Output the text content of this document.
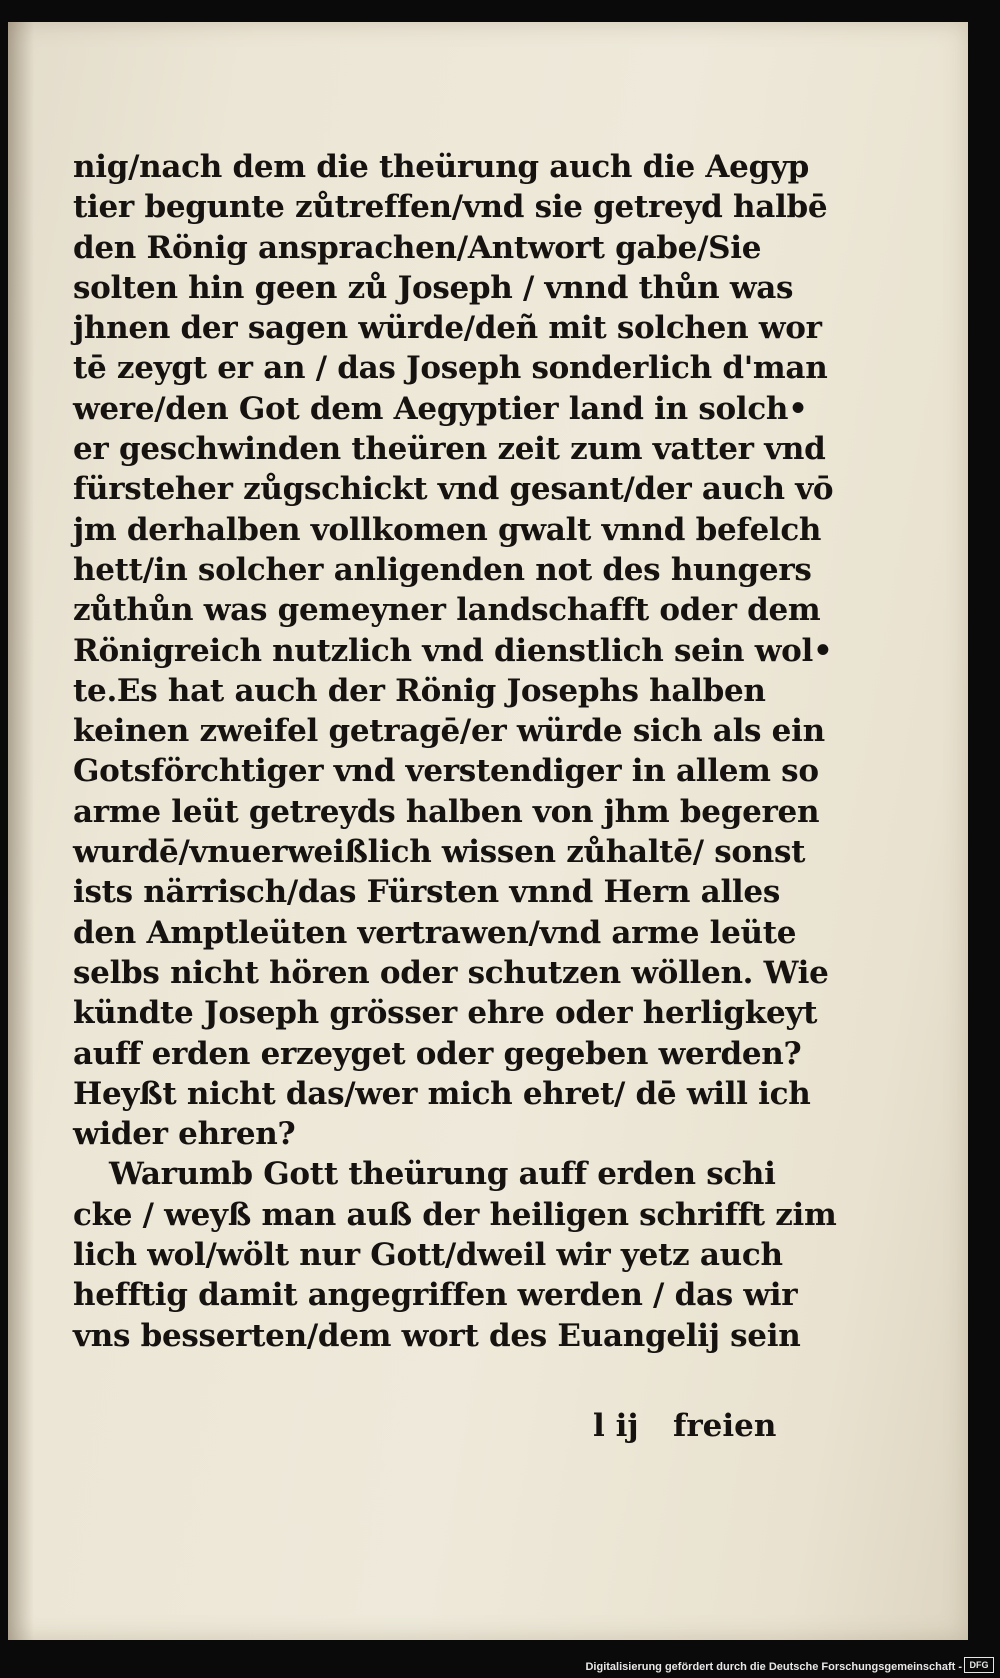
nig/nach dem die theürung auch die Aegyp
tier begunte zůtreffen/vnd sie getreyd halbē
den Rönig ansprachen/Antwort gabe/Sie
solten hin geen zů Joseph / vnnd thůn was
jhnen der sagen würde/deñ mit solchen wor
tē zeygt er an / das Joseph sonderlich d'man
were/den Got dem Aegyptier land in solch•
er geschwinden theüren zeit zum vatter vnd
fürsteher zůgschickt vnd gesant/der auch vō
jm derhalben vollkomen gwalt vnnd befelch
hett/in solcher anligenden not des hungers
zůthůn was gemeyner landschafft oder dem
Rönigreich nutzlich vnd dienstlich sein wol•
te.Es hat auch der Rönig Josephs halben
keinen zweifel getragē/er würde sich als ein
Gotsförchtiger vnd verstendiger in allem so
arme leüt getreyds halben von jhm begeren
wurdē/vnuerweißlich wissen zůhaltē/ sonst
ists närrisch/das Fürsten vnnd Hern alles
den Amptleüten vertrawen/vnd arme leüte
selbs nicht hören oder schutzen wöllen. Wie
kündte Joseph grösser ehre oder herligkeyt
auff erden erzeyget oder gegeben werden?
Heyßt nicht das/wer mich ehret/ dē will ich
wider ehren?
Warumb Gott theürung auff erden schi
cke / weyß man auß der heiligen schrifft zim
lich wol/wölt nur Gott/dweil wir yetz auch
hefftig damit angegriffen werden / das wir
vns besserten/dem wort des Euangelij sein
l ij freien
Digitalisierung gefördert durch die Deutsche Forschungsgemeinschaft - DFG
